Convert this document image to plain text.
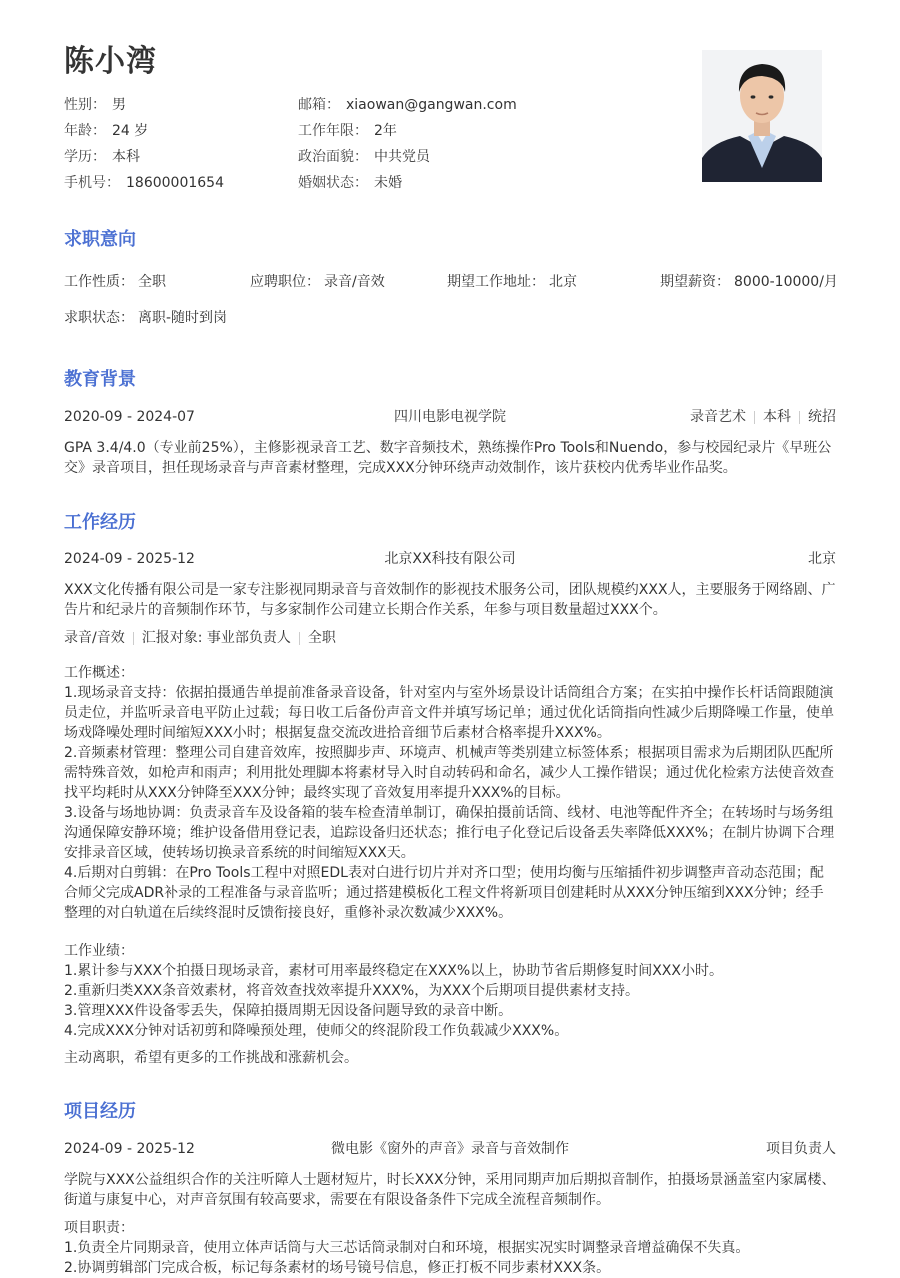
陈小湾
性别： 男	邮箱： xiaowan@gangwan.com
年龄： 24 岁	工作年限： 2年
学历： 本科	政治面貌： 中共党员
手机号： 18600001654	婚姻状态： 未婚
求职意向
工作性质： 全职	应聘职位： 录音/音效	期望工作地址： 北京	期望薪资： 8000-10000/月
求职状态： 离职-随时到岗
教育背景
2020-09 - 2024-07	四川电影电视学院	录音艺术 本科 统招
GPA 3.4/4.0（专业前25%），主修影视录音工艺、数字音频技术，熟练操作Pro Tools和Nuendo，参与校园纪录片《早班公交》录音项目，担任现场录音与声音素材整理，完成XXX分钟环绕声动效制作，该片获校内优秀毕业作品奖。
工作经历
2024-09 - 2025-12	北京XX科技有限公司	北京
XXX文化传播有限公司是一家专注影视同期录音与音效制作的影视技术服务公司，团队规模约XXX人，主要服务于网络剧、广告片和纪录片的音频制作环节，与多家制作公司建立长期合作关系，年参与项目数量超过XXX个。
录音/音效 汇报对象: 事业部负责人 全职
工作概述：
1.现场录音支持：依据拍摄通告单提前准备录音设备，针对室内与室外场景设计话筒组合方案；在实拍中操作长杆话筒跟随演员走位，并监听录音电平防止过载；每日收工后备份声音文件并填写场记单；通过优化话筒指向性减少后期降噪工作量，使单场戏降噪处理时间缩短XXX小时；根据复盘交流改进拾音细节后素材合格率提升XXX%。
2.音频素材管理：整理公司自建音效库，按照脚步声、环境声、机械声等类别建立标签体系；根据项目需求为后期团队匹配所需特殊音效，如枪声和雨声；利用批处理脚本将素材导入时自动转码和命名，减少人工操作错误；通过优化检索方法使音效查找平均耗时从XXX分钟降至XXX分钟；最终实现了音效复用率提升XXX%的目标。
3.设备与场地协调：负责录音车及设备箱的装车检查清单制订，确保拍摄前话筒、线材、电池等配件齐全；在转场时与场务组沟通保障安静环境；维护设备借用登记表，追踪设备归还状态；推行电子化登记后设备丢失率降低XXX%；在制片协调下合理安排录音区域，使转场切换录音系统的时间缩短XXX天。
4.后期对白剪辑：在Pro Tools工程中对照EDL表对白进行切片并对齐口型；使用均衡与压缩插件初步调整声音动态范围；配合师父完成ADR补录的工程准备与录音监听；通过搭建模板化工程文件将新项目创建耗时从XXX分钟压缩到XXX分钟；经手整理的对白轨道在后续终混时反馈衔接良好，重修补录次数减少XXX%。
工作业绩：
1.累计参与XXX个拍摄日现场录音，素材可用率最终稳定在XXX%以上，协助节省后期修复时间XXX小时。
2.重新归类XXX条音效素材，将音效查找效率提升XXX%，为XXX个后期项目提供素材支持。
3.管理XXX件设备零丢失，保障拍摄周期无因设备问题导致的录音中断。
4.完成XXX分钟对话初剪和降噪预处理，使师父的终混阶段工作负载减少XXX%。
主动离职，希望有更多的工作挑战和涨薪机会。
项目经历
2024-09 - 2025-12	微电影《窗外的声音》录音与音效制作	项目负责人
学院与XXX公益组织合作的关注听障人士题材短片，时长XXX分钟，采用同期声加后期拟音制作，拍摄场景涵盖室内家属楼、街道与康复中心，对声音氛围有较高要求，需要在有限设备条件下完成全流程音频制作。
项目职责：
1.负责全片同期录音，使用立体声话筒与大三芯话筒录制对白和环境，根据实况实时调整录音增益确保不失真。
2.协调剪辑部门完成合板，标记每条素材的场号镜号信息，修正打板不同步素材XXX条。
